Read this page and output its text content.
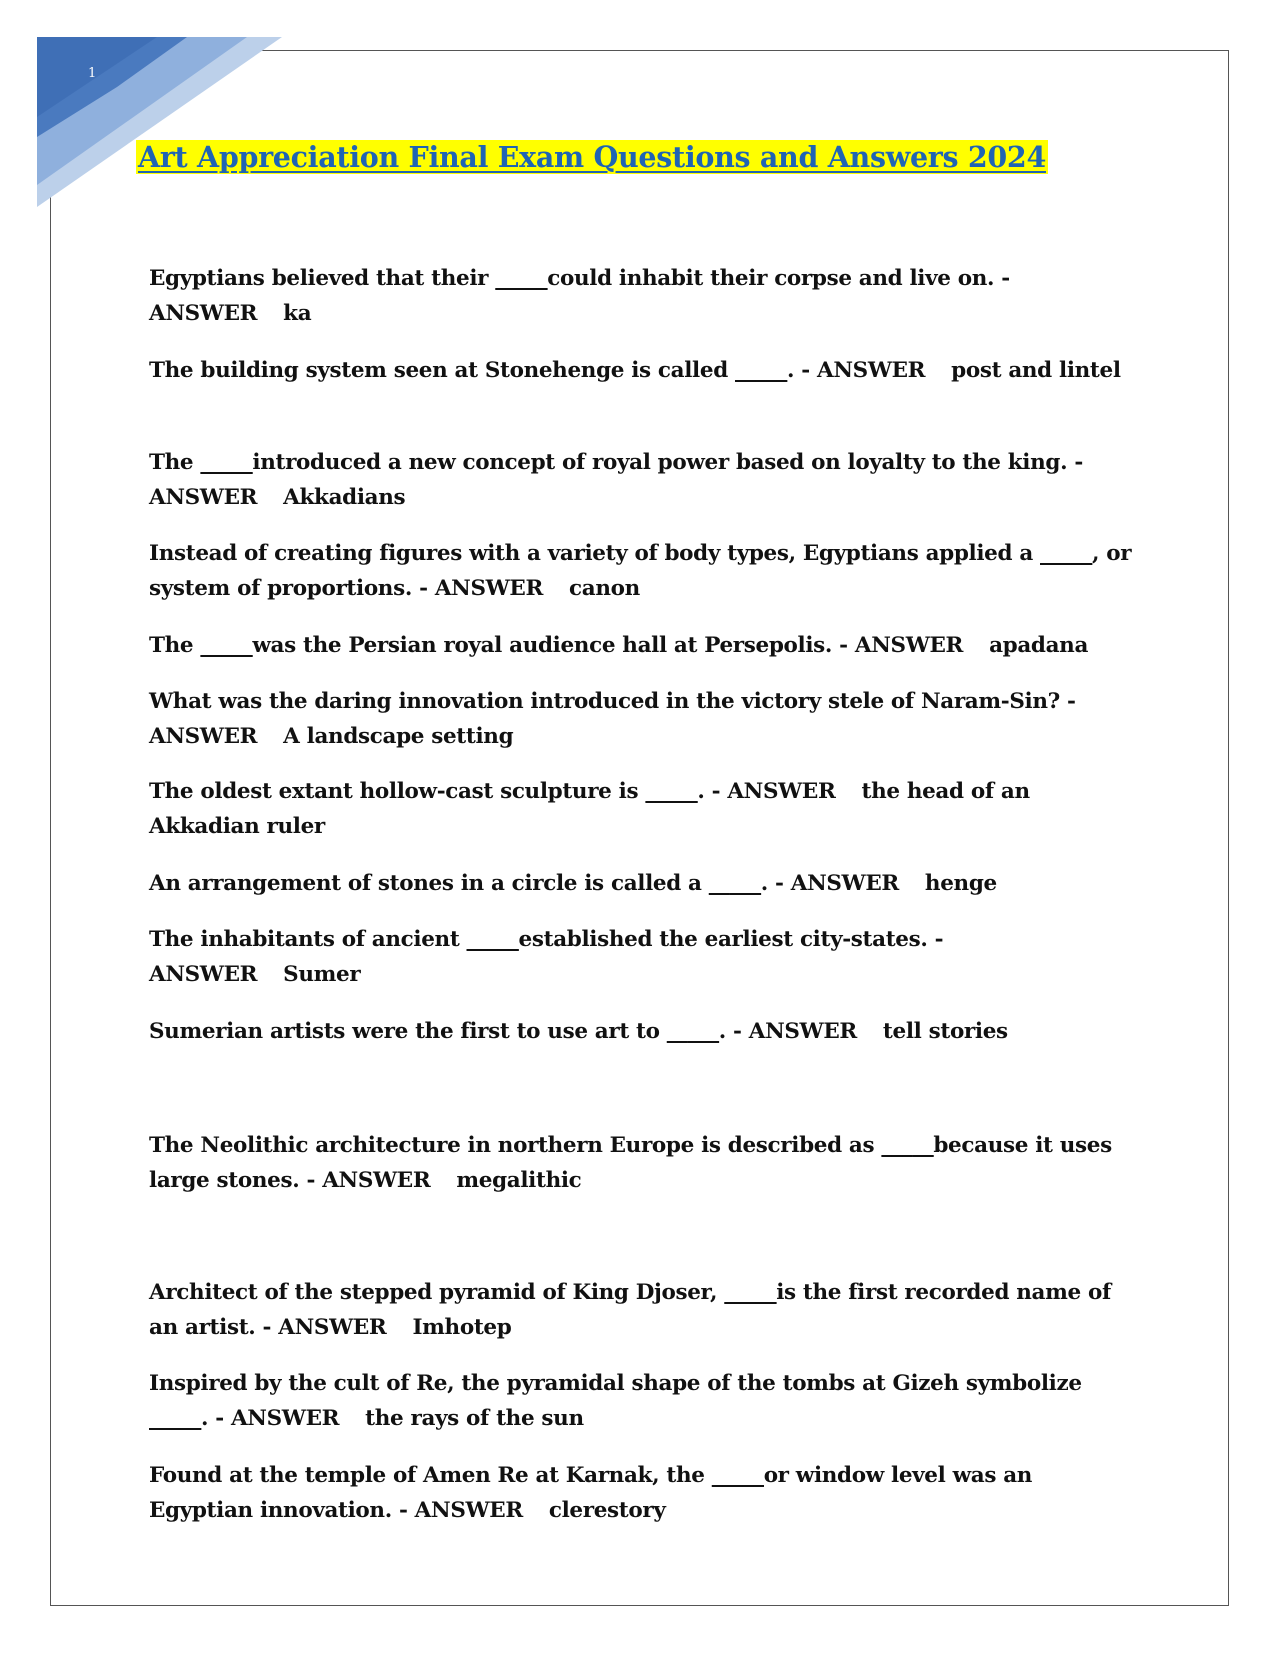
1
Art Appreciation Final Exam Questions and Answers 2024
Egyptians believed that their _____could inhabit their corpse and live on. - ANSWER ka
The building system seen at Stonehenge is called _____. - ANSWER post and lintel
The _____introduced a new concept of royal power based on loyalty to the king. - ANSWER Akkadians
Instead of creating figures with a variety of body types, Egyptians applied a _____, or system of proportions. - ANSWER canon
The _____was the Persian royal audience hall at Persepolis. - ANSWER apadana
What was the daring innovation introduced in the victory stele of Naram-Sin? - ANSWER A landscape setting
The oldest extant hollow-cast sculpture is _____. - ANSWER the head of an Akkadian ruler
An arrangement of stones in a circle is called a _____. - ANSWER henge
The inhabitants of ancient _____established the earliest city-states. - ANSWER Sumer
Sumerian artists were the first to use art to _____. - ANSWER tell stories
The Neolithic architecture in northern Europe is described as _____because it uses large stones. - ANSWER megalithic
Architect of the stepped pyramid of King Djoser, _____is the first recorded name of an artist. - ANSWER Imhotep
Inspired by the cult of Re, the pyramidal shape of the tombs at Gizeh symbolize _____. - ANSWER the rays of the sun
Found at the temple of Amen Re at Karnak, the _____or window level was an Egyptian innovation. - ANSWER clerestory
